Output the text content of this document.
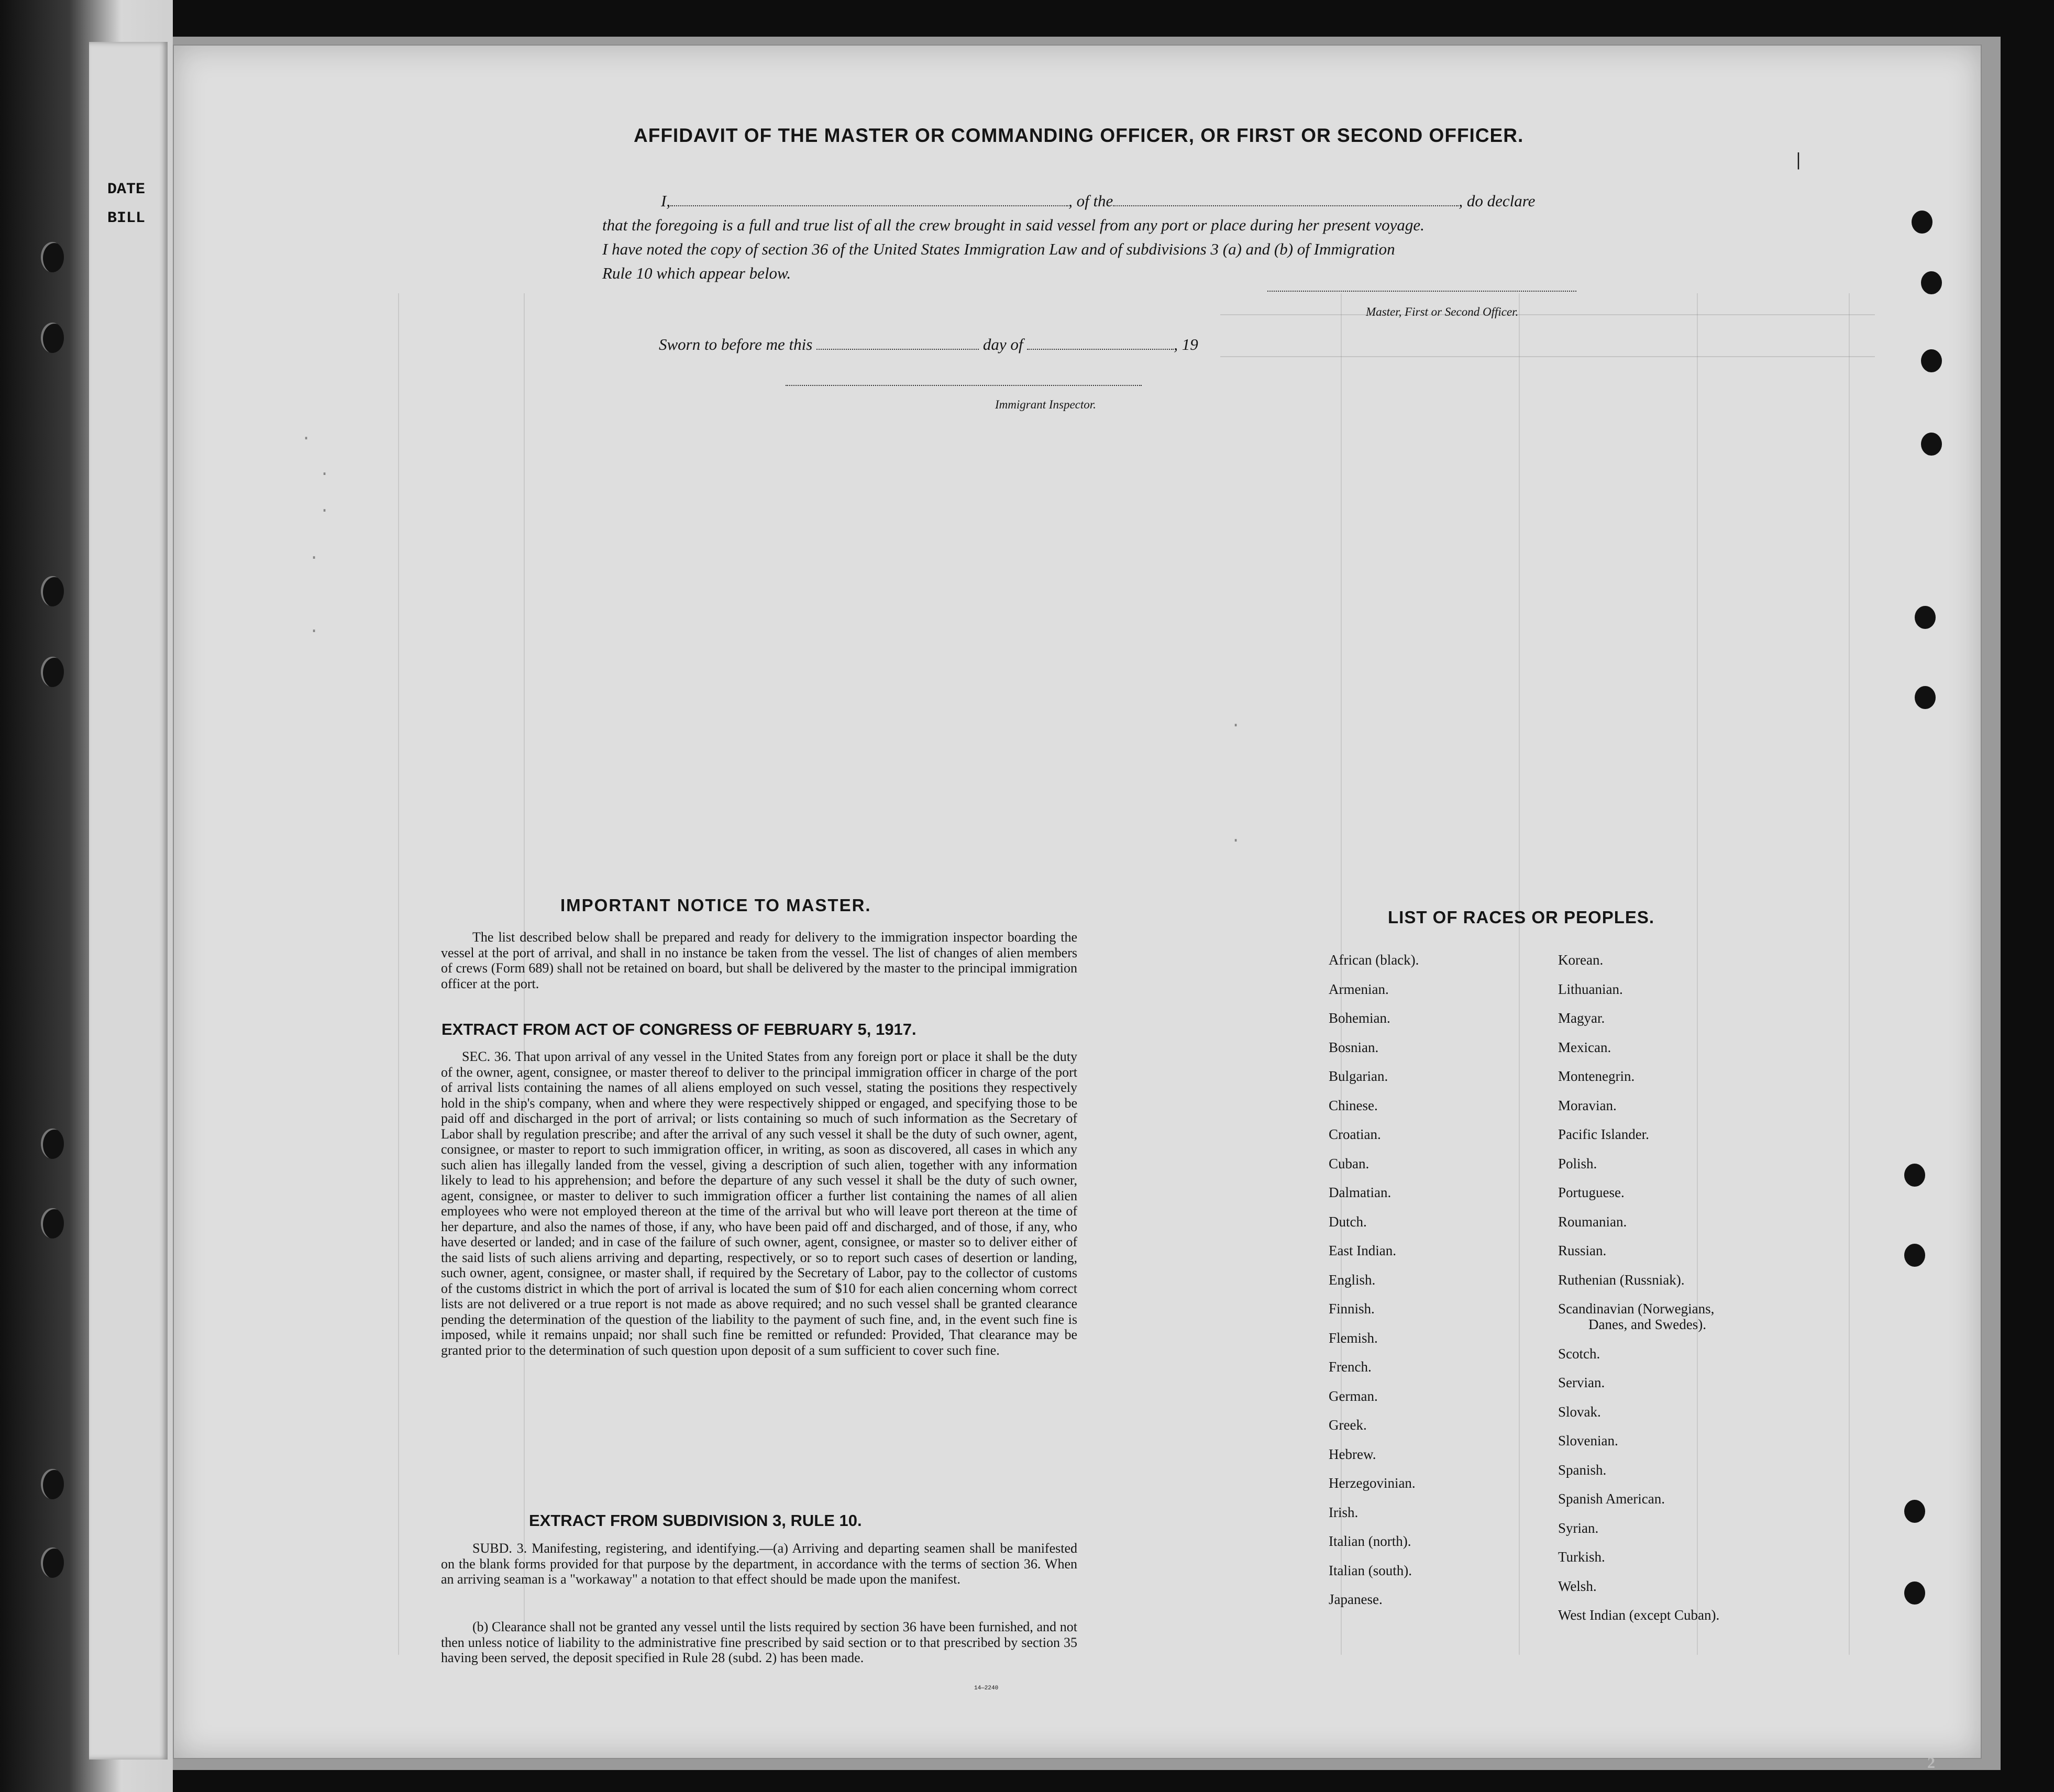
DATE
BILL
.
.
.
.
.
.
.
AFFIDAVIT OF THE MASTER OR COMMANDING OFFICER, OR FIRST OR SECOND OFFICER.
I,	, of the	, do declare
that the foregoing is a full and true list of all the crew brought in said vessel from any port or place during her present voyage.
I have noted the copy of section 36 of the United States Immigration Law and of subdivisions 3 (a) and (b) of Immigration
Rule 10 which appear below.
Master, First or Second Officer.
Sworn to before me this	day of	, 19
Immigrant Inspector.
|
IMPORTANT NOTICE TO MASTER.
The list described below shall be prepared and ready for delivery to the immigration inspector boarding the vessel at the port of arrival, and shall in no instance be taken from the vessel. The list of changes of alien members of crews (Form 689) shall not be retained on board, but shall be delivered by the master to the principal immigration officer at the port.
EXTRACT FROM ACT OF CONGRESS OF FEBRUARY 5, 1917.
SEC. 36. That upon arrival of any vessel in the United States from any foreign port or place it shall be the duty of the owner, agent, consignee, or master thereof to deliver to the principal immigration officer in charge of the port of arrival lists containing the names of all aliens employed on such vessel, stating the positions they respectively hold in the ship's company, when and where they were respectively shipped or engaged, and specifying those to be paid off and discharged in the port of arrival; or lists containing so much of such information as the Secretary of Labor shall by regulation prescribe; and after the arrival of any such vessel it shall be the duty of such owner, agent, consignee, or master to report to such immigration officer, in writing, as soon as discovered, all cases in which any such alien has illegally landed from the vessel, giving a description of such alien, together with any information likely to lead to his apprehension; and before the departure of any such vessel it shall be the duty of such owner, agent, consignee, or master to deliver to such immigration officer a further list containing the names of all alien employees who were not employed thereon at the time of the arrival but who will leave port thereon at the time of her departure, and also the names of those, if any, who have been paid off and discharged, and of those, if any, who have deserted or landed; and in case of the failure of such owner, agent, consignee, or master so to deliver either of the said lists of such aliens arriving and departing, respectively, or so to report such cases of desertion or landing, such owner, agent, consignee, or master shall, if required by the Secretary of Labor, pay to the collector of customs of the customs district in which the port of arrival is located the sum of $10 for each alien concerning whom correct lists are not delivered or a true report is not made as above required; and no such vessel shall be granted clearance pending the determination of the question of the liability to the payment of such fine, and, in the event such fine is imposed, while it remains unpaid; nor shall such fine be remitted or refunded: Provided, That clearance may be granted prior to the determination of such question upon deposit of a sum sufficient to cover such fine.
EXTRACT FROM SUBDIVISION 3, RULE 10.
SUBD. 3. Manifesting, registering, and identifying.—(a) Arriving and departing seamen shall be manifested on the blank forms provided for that purpose by the department, in accordance with the terms of section 36. When an arriving seaman is a "workaway" a notation to that effect should be made upon the manifest.
(b) Clearance shall not be granted any vessel until the lists required by section 36 have been furnished, and not then unless notice of liability to the administrative fine prescribed by said section or to that prescribed by section 35 having been served, the deposit specified in Rule 28 (subd. 2) has been made.
14—2240
LIST OF RACES OR PEOPLES.
African (black).
Armenian.
Bohemian.
Bosnian.
Bulgarian.
Chinese.
Croatian.
Cuban.
Dalmatian.
Dutch.
East Indian.
English.
Finnish.
Flemish.
French.
German.
Greek.
Hebrew.
Herzegovinian.
Irish.
Italian (north).
Italian (south).
Japanese.
Korean.
Lithuanian.
Magyar.
Mexican.
Montenegrin.
Moravian.
Pacific Islander.
Polish.
Portuguese.
Roumanian.
Russian.
Ruthenian (Russniak).
Scandinavian (Norwegians,
Danes, and Swedes).
Scotch.
Servian.
Slovak.
Slovenian.
Spanish.
Spanish American.
Syrian.
Turkish.
Welsh.
West Indian (except Cuban).
2
